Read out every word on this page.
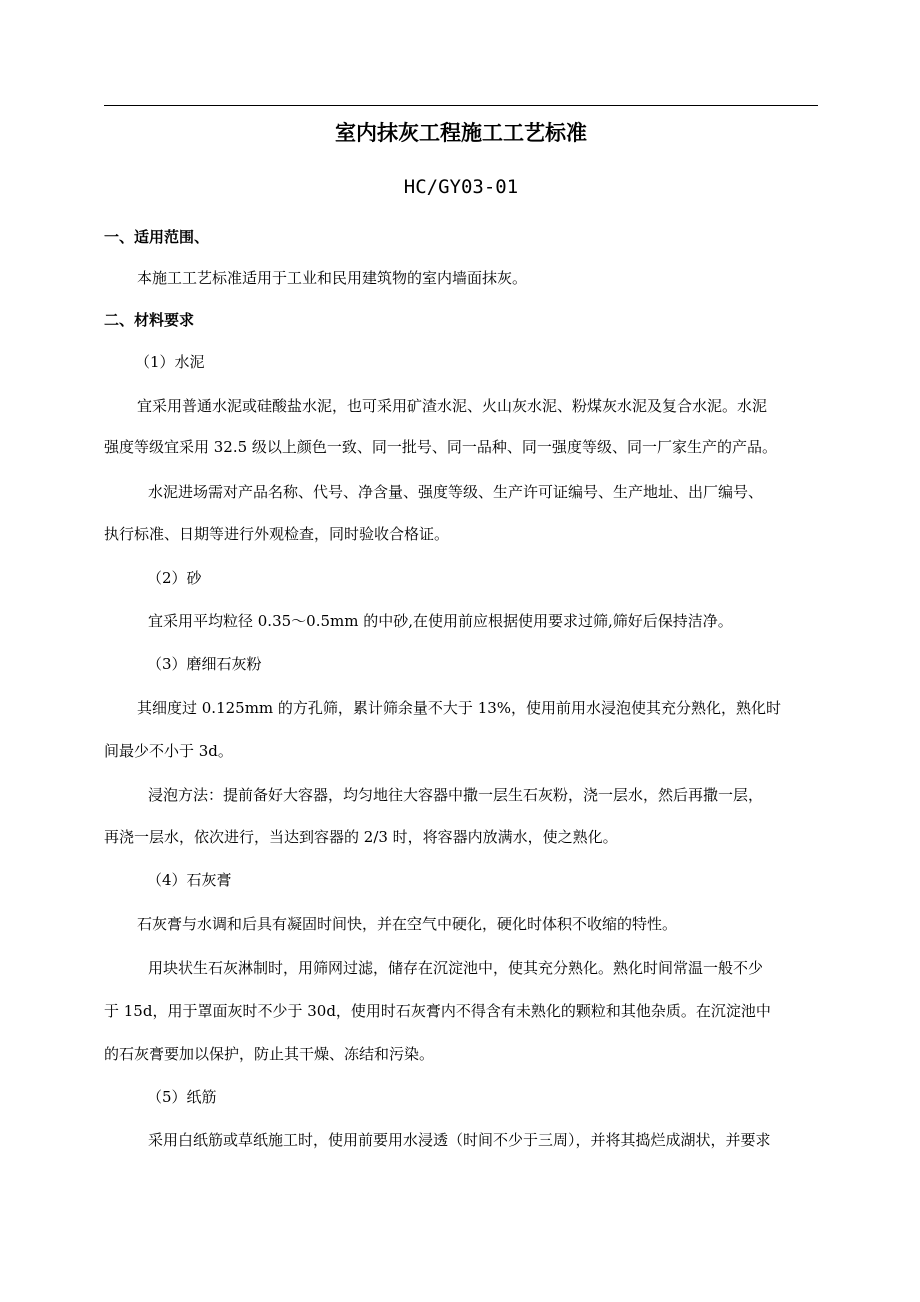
室内抹灰工程施工工艺标准
HC/GY03-01
一、适用范围、
本施工工艺标准适用于工业和民用建筑物的室内墙面抹灰。
二、材料要求
（1）水泥
宜采用普通水泥或硅酸盐水泥，也可采用矿渣水泥、火山灰水泥、粉煤灰水泥及复合水泥。水泥
强度等级宜采用 32.5 级以上颜色一致、同一批号、同一品种、同一强度等级、同一厂家生产的产品。
水泥进场需对产品名称、代号、净含量、强度等级、生产许可证编号、生产地址、出厂编号、
执行标准、日期等进行外观检查，同时验收合格证。
（2）砂
宜采用平均粒径 0.35～0.5mm 的中砂,在使用前应根据使用要求过筛,筛好后保持洁净。
（3）磨细石灰粉
其细度过 0.125mm 的方孔筛，累计筛余量不大于 13%，使用前用水浸泡使其充分熟化，熟化时
间最少不小于 3d。
浸泡方法：提前备好大容器，均匀地往大容器中撒一层生石灰粉，浇一层水，然后再撒一层，
再浇一层水，依次进行，当达到容器的 2/3 时，将容器内放满水，使之熟化。
（4）石灰膏
石灰膏与水调和后具有凝固时间快，并在空气中硬化，硬化时体积不收缩的特性。
用块状生石灰淋制时，用筛网过滤，储存在沉淀池中，使其充分熟化。熟化时间常温一般不少
于 15d，用于罩面灰时不少于 30d，使用时石灰膏内不得含有未熟化的颗粒和其他杂质。在沉淀池中
的石灰膏要加以保护，防止其干燥、冻结和污染。
（5）纸筋
采用白纸筋或草纸施工时，使用前要用水浸透（时间不少于三周），并将其捣烂成湖状，并要求
